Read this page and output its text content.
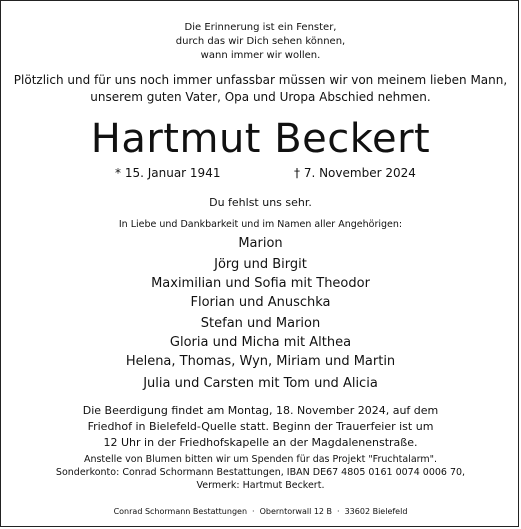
Die Erinnerung ist ein Fenster,
durch das wir Dich sehen können,
wann immer wir wollen.
Plötzlich und für uns noch immer unfassbar müssen wir von meinem lieben Mann,
unserem guten Vater, Opa und Uropa Abschied nehmen.
Hartmut Beckert
* 15. Januar 1941	† 7. November 2024
Du fehlst uns sehr.
In Liebe und Dankbarkeit und im Namen aller Angehörigen:
Marion
Jörg und Birgit
Maximilian und Sofia mit Theodor
Florian und Anuschka
Stefan und Marion
Gloria und Micha mit Althea
Helena, Thomas, Wyn, Miriam und Martin
Julia und Carsten mit Tom und Alicia
Die Beerdigung findet am Montag, 18. November 2024, auf dem
Friedhof in Bielefeld-Quelle statt. Beginn der Trauerfeier ist um
12 Uhr in der Friedhofskapelle an der Magdalenenstraße.
Anstelle von Blumen bitten wir um Spenden für das Projekt "Fruchtalarm".
Sonderkonto: Conrad Schormann Bestattungen, IBAN DE67 4805 0161 0074 0006 70,
Vermerk: Hartmut Beckert.
Conrad Schormann Bestattungen · Oberntorwall 12 B · 33602 Bielefeld
